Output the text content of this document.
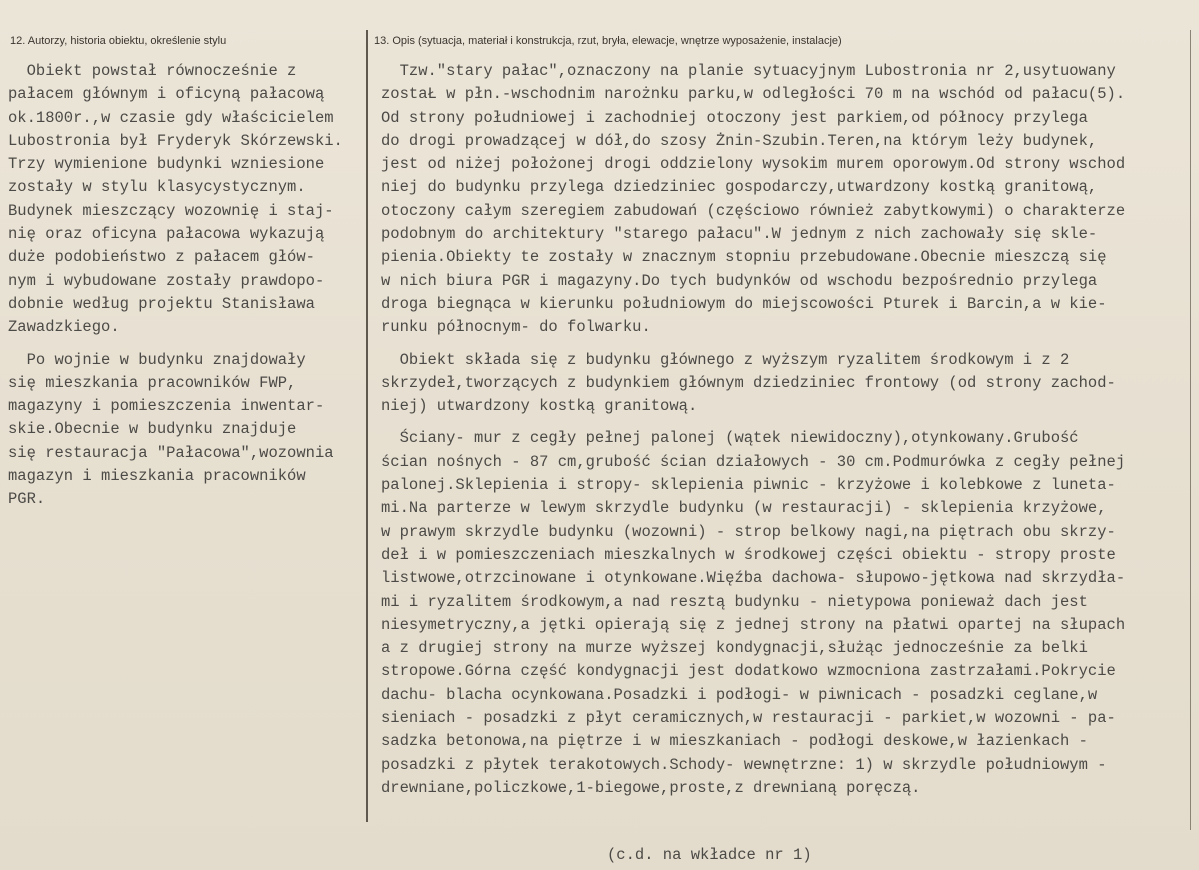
12. Autorzy, historia obiektu, określenie stylu	13. Opis (sytuacja, materiał i konstrukcja, rzut, bryła, elewacje, wnętrze wyposażenie, instalacje)
Obiekt powstał równocześnie z
pałacem głównym i oficyną pałacową
ok.1800r.,w czasie gdy właścicielem
Lubostronia był Fryderyk Skórzewski.
Trzy wymienione budynki wzniesione
zostały w stylu klasycystycznym.
Budynek mieszczący wozownię i staj-
nię oraz oficyna pałacowa wykazują
duże podobieństwo z pałacem głów-
nym i wybudowane zostały prawdopo-
dobnie według projektu Stanisława
Zawadzkiego.
Po wojnie w budynku znajdowały
się mieszkania pracowników FWP,
magazyny i pomieszczenia inwentar-
skie.Obecnie w budynku znajduje
się restauracja "Pałacowa",wozownia
magazyn i mieszkania pracowników
PGR.
Tzw."stary pałac",oznaczony na planie sytuacyjnym Lubostronia nr 2,usytuowany
zostaŁ w płn.-wschodnim narożnku parku,w odległości 70 m na wschód od pałacu(5).
Od strony południowej i zachodniej otoczony jest parkiem,od północy przylega
do drogi prowadzącej w dół,do szosy Żnin-Szubin.Teren,na którym leży budynek,
jest od niżej położonej drogi oddzielony wysokim murem oporowym.Od strony wschod
niej do budynku przylega dziedziniec gospodarczy,utwardzony kostką granitową,
otoczony całym szeregiem zabudowań (częściowo również zabytkowymi) o charakterze
podobnym do architektury "starego pałacu".W jednym z nich zachowały się skle-
pienia.Obiekty te zostały w znacznym stopniu przebudowane.Obecnie mieszczą się
w nich biura PGR i magazyny.Do tych budynków od wschodu bezpośrednio przylega
droga biegnąca w kierunku południowym do miejscowości Pturek i Barcin,a w kie-
runku północnym- do folwarku.
Obiekt składa się z budynku głównego z wyższym ryzalitem środkowym i z 2
skrzydeł,tworzących z budynkiem głównym dziedziniec frontowy (od strony zachod-
niej) utwardzony kostką granitową.
Ściany- mur z cegły pełnej palonej (wątek niewidoczny),otynkowany.Grubość
ścian nośnych - 87 cm,grubość ścian działowych - 30 cm.Podmurówka z cegły pełnej
palonej.Sklepienia i stropy- sklepienia piwnic - krzyżowe i kolebkowe z luneta-
mi.Na parterze w lewym skrzydle budynku (w restauracji) - sklepienia krzyżowe,
w prawym skrzydle budynku (wozowni) - strop belkowy nagi,na piętrach obu skrzy-
deł i w pomieszczeniach mieszkalnych w środkowej części obiektu - stropy proste
listwowe,otrzcinowane i otynkowane.Więźba dachowa- słupowo-jętkowa nad skrzydła-
mi i ryzalitem środkowym,a nad resztą budynku - nietypowa ponieważ dach jest
niesymetryczny,a jętki opierają się z jednej strony na płatwi opartej na słupach
a z drugiej strony na murze wyższej kondygnacji,służąc jednocześnie za belki
stropowe.Górna część kondygnacji jest dodatkowo wzmocniona zastrzałami.Pokrycie
dachu- blacha ocynkowana.Posadzki i podłogi- w piwnicach - posadzki ceglane,w
sieniach - posadzki z płyt ceramicznych,w restauracji - parkiet,w wozowni - pa-
sadzka betonowa,na piętrze i w mieszkaniach - podłogi deskowe,w łazienkach -
posadzki z płytek terakotowych.Schody- wewnętrzne: 1) w skrzydle południowym -
drewniane,policzkowe,1-biegowe,proste,z drewnianą poręczą.
(c.d. na wkładce nr 1)
